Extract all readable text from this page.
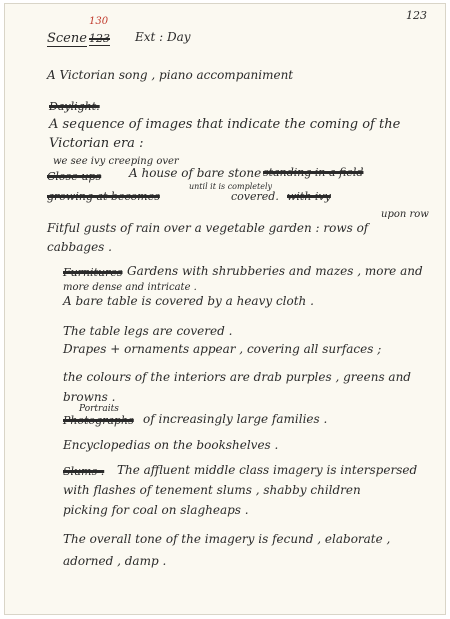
123
Scene
130
123 Ext : Day
A Victorian song , piano accompaniment
Daylight.
A sequence of images that indicate the coming of the
Victorian era :
we see ivy creeping over
Close-ups A house of bare stone standing in a field
until it is completely
growing at becomes	covered. with ivy
upon row
Fitful gusts of rain over a vegetable garden : rows of
cabbages .
Furnitures Gardens with shrubberies and mazes , more and
more dense and intricate .
A bare table is covered by a heavy cloth .
The table legs are covered .
Drapes + ornaments appear , covering all surfaces ;
the colours of the interiors are drab purples , greens and
browns .
Portraits
Photographs of increasingly large families .
Encyclopedias on the bookshelves .
Slums . The affluent middle class imagery is interspersed
with flashes of tenement slums , shabby children
picking for coal on slagheaps .
The overall tone of the imagery is fecund , elaborate ,
adorned , damp .
